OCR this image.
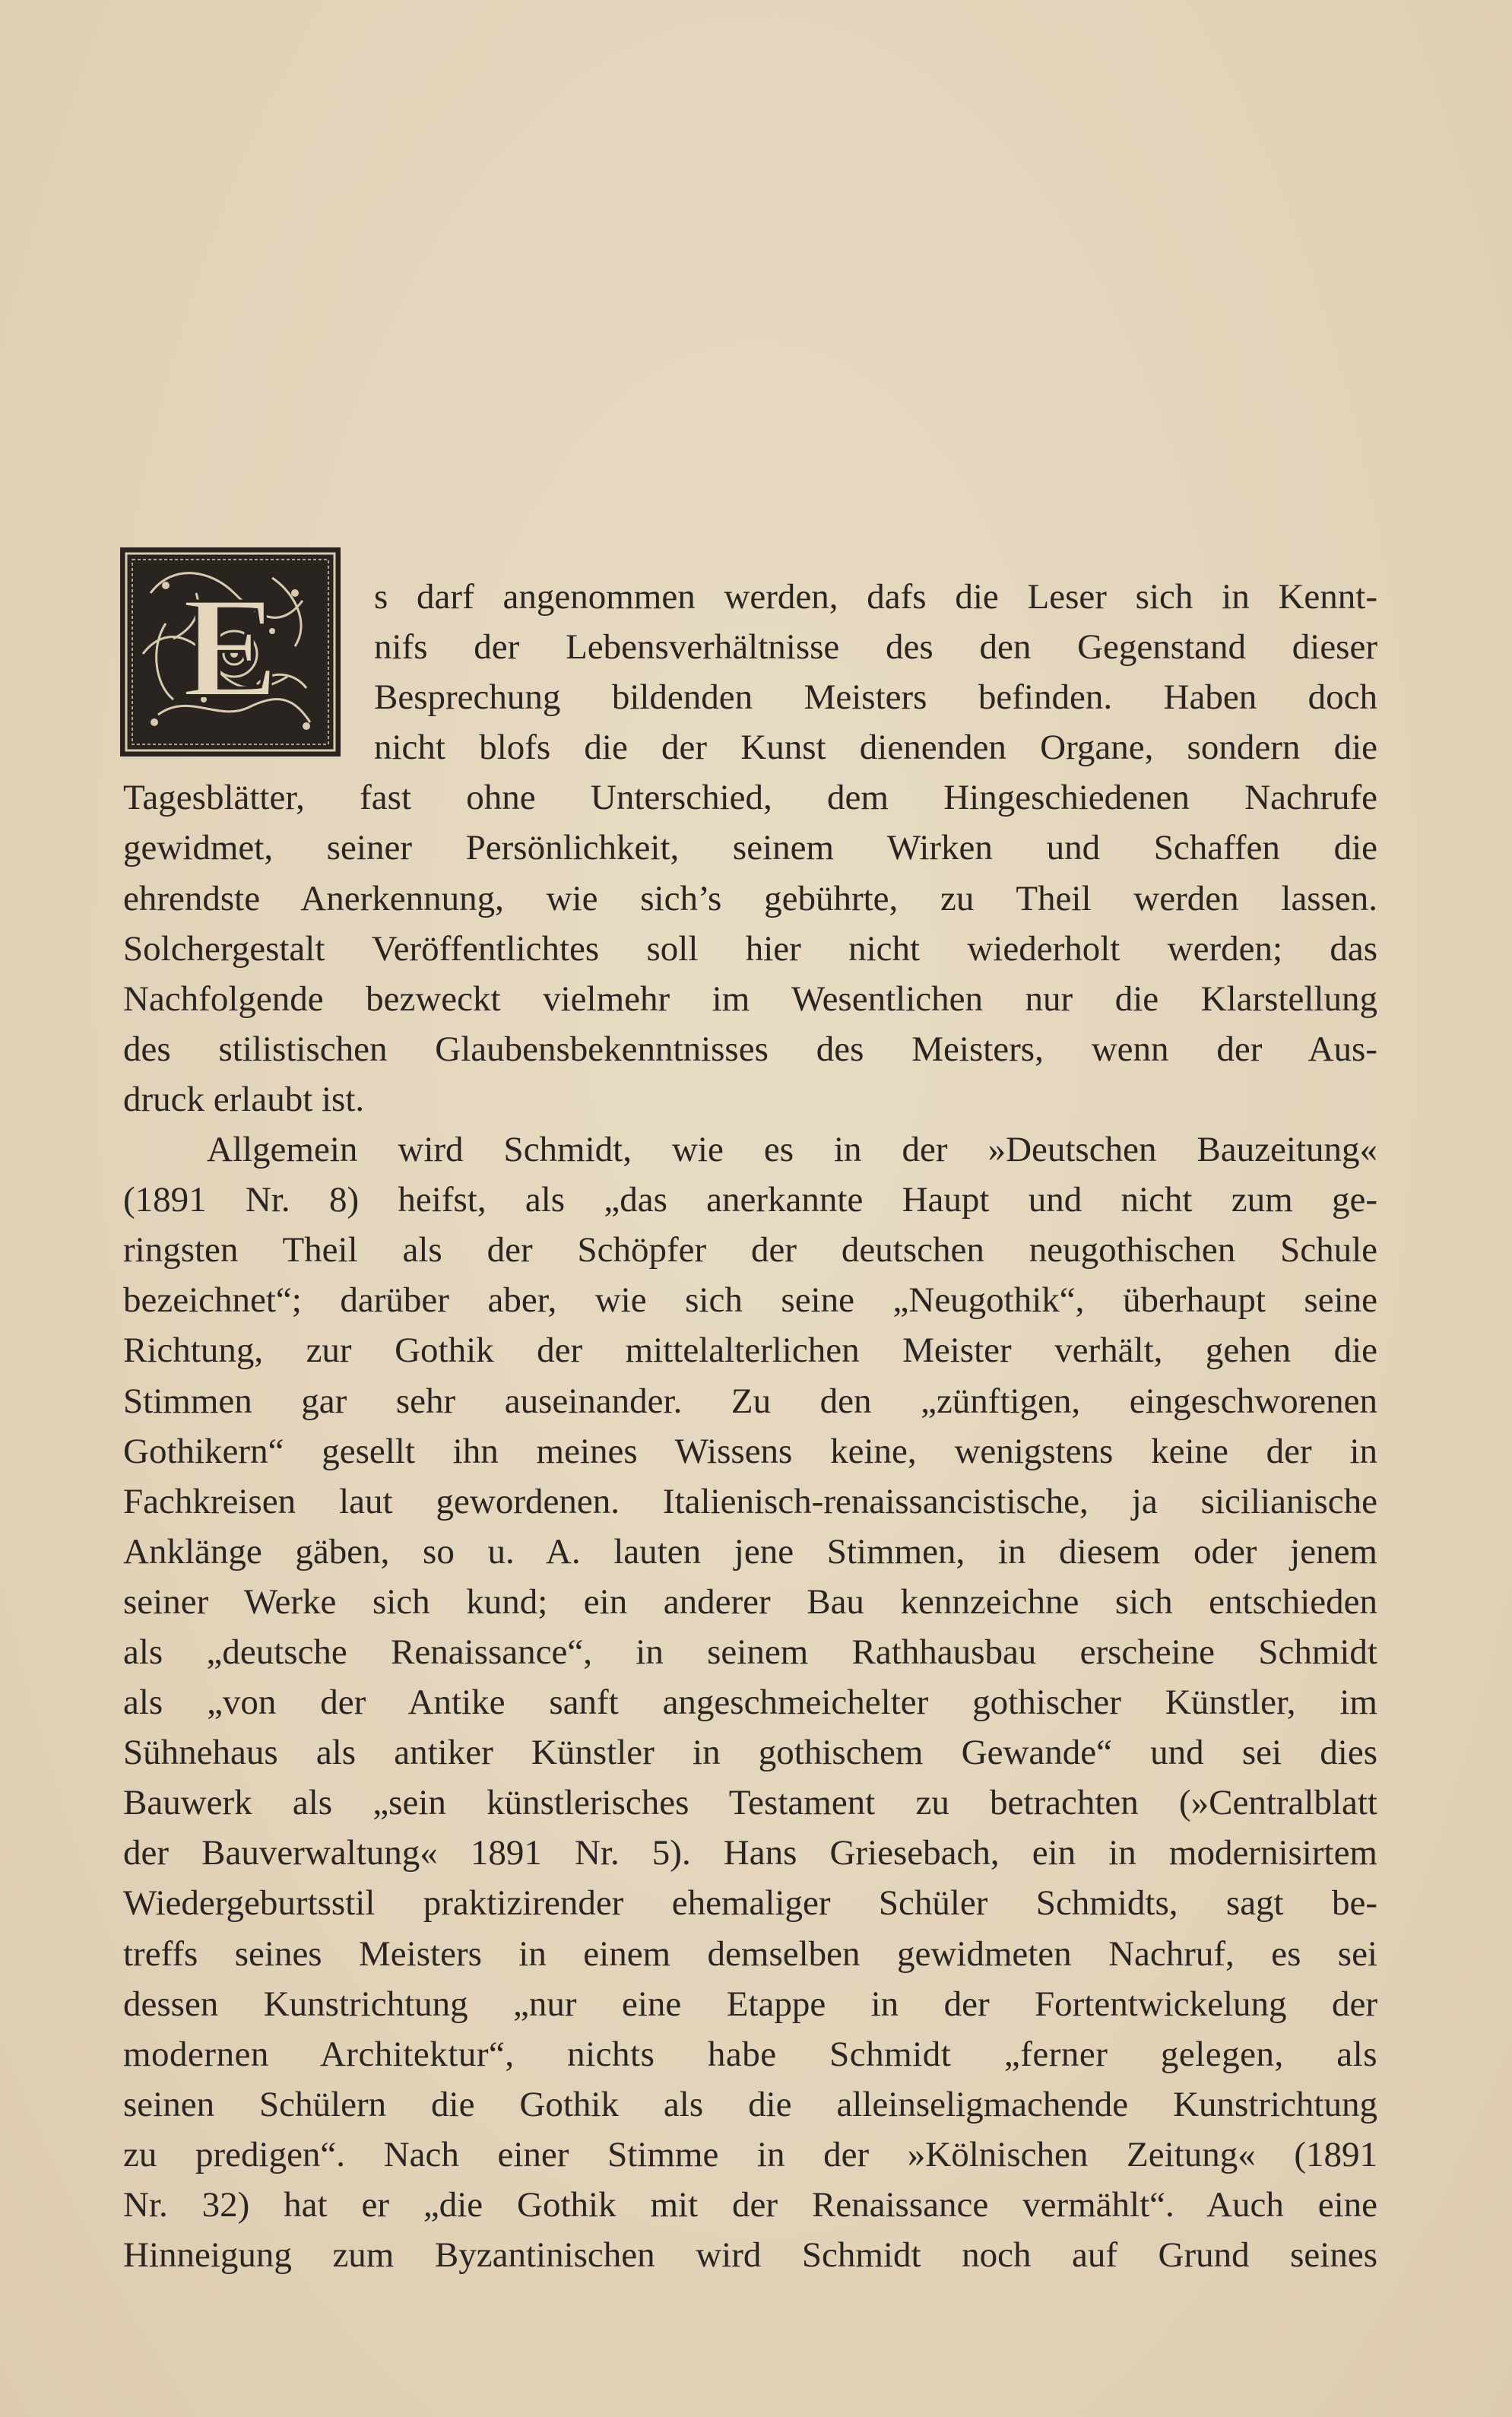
E	s darf angenommen werden, dafs die Leser sich in Kennt-
nifs der Lebensverhältnisse des den Gegenstand dieser
Besprechung bildenden Meisters befinden. Haben doch
nicht blofs die der Kunst dienenden Organe, sondern die
Tagesblätter, fast ohne Unterschied, dem Hingeschiedenen Nachrufe
gewidmet, seiner Persönlichkeit, seinem Wirken und Schaffen die
ehrendste Anerkennung, wie sich’s gebührte, zu Theil werden lassen.
Solchergestalt Veröffentlichtes soll hier nicht wiederholt werden; das
Nachfolgende bezweckt vielmehr im Wesentlichen nur die Klarstellung
des stilistischen Glaubensbekenntnisses des Meisters, wenn der Aus-
druck erlaubt ist.
Allgemein wird Schmidt, wie es in der »Deutschen Bauzeitung«
(1891 Nr. 8) heifst, als „das anerkannte Haupt und nicht zum ge-
ringsten Theil als der Schöpfer der deutschen neugothischen Schule
bezeichnet“; darüber aber, wie sich seine „Neugothik“, überhaupt seine
Richtung, zur Gothik der mittelalterlichen Meister verhält, gehen die
Stimmen gar sehr auseinander. Zu den „zünftigen, eingeschworenen
Gothikern“ gesellt ihn meines Wissens keine, wenigstens keine der in
Fachkreisen laut gewordenen. Italienisch-renaissancistische, ja sicilianische
Anklänge gäben, so u. A. lauten jene Stimmen, in diesem oder jenem
seiner Werke sich kund; ein anderer Bau kennzeichne sich entschieden
als „deutsche Renaissance“, in seinem Rathhausbau erscheine Schmidt
als „von der Antike sanft angeschmeichelter gothischer Künstler, im
Sühnehaus als antiker Künstler in gothischem Gewande“ und sei dies
Bauwerk als „sein künstlerisches Testament zu betrachten (»Centralblatt
der Bauverwaltung« 1891 Nr. 5). Hans Griesebach, ein in modernisirtem
Wiedergeburtsstil praktizirender ehemaliger Schüler Schmidts, sagt be-
treffs seines Meisters in einem demselben gewidmeten Nachruf, es sei
dessen Kunstrichtung „nur eine Etappe in der Fortentwickelung der
modernen Architektur“, nichts habe Schmidt „ferner gelegen, als
seinen Schülern die Gothik als die alleinseligmachende Kunstrichtung
zu predigen“. Nach einer Stimme in der »Kölnischen Zeitung« (1891
Nr. 32) hat er „die Gothik mit der Renaissance vermählt“. Auch eine
Hinneigung zum Byzantinischen wird Schmidt noch auf Grund seines
